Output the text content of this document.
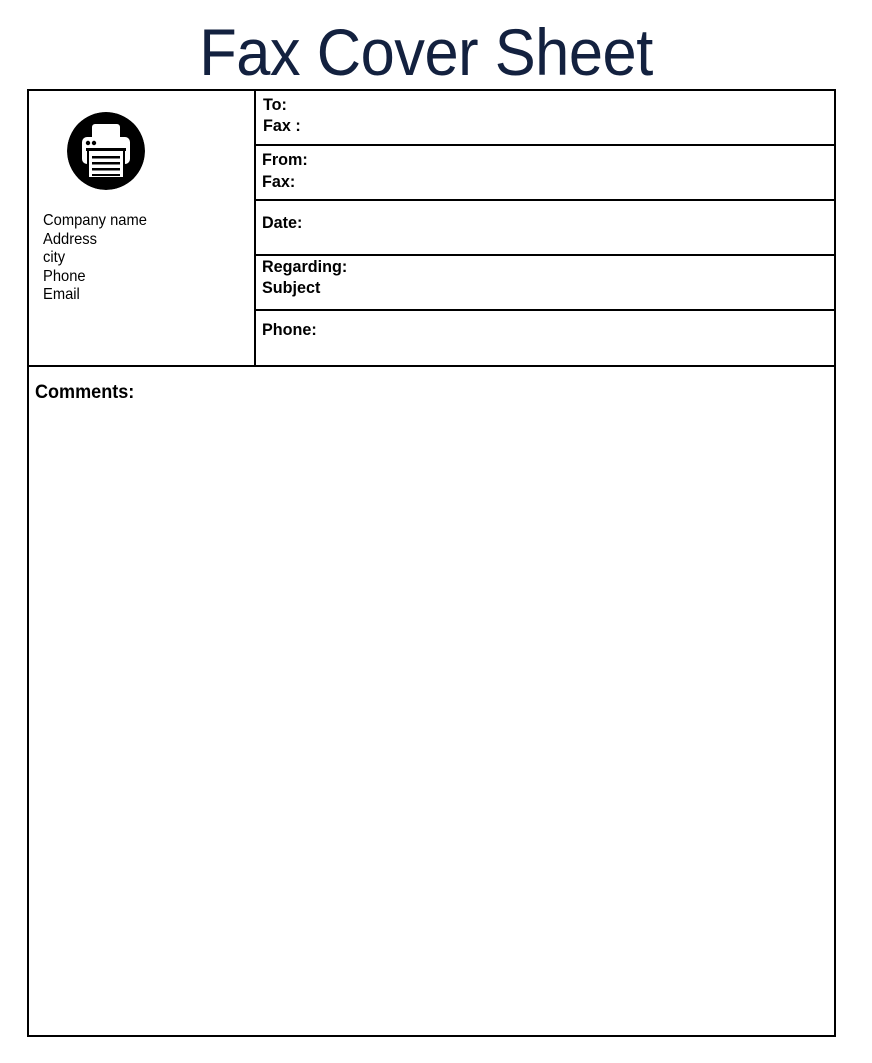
Fax Cover Sheet
Company name
Address
city
Phone
Email
To:
Fax :
From:
Fax:
Date:
Regarding:
Subject
Phone:
Comments:
